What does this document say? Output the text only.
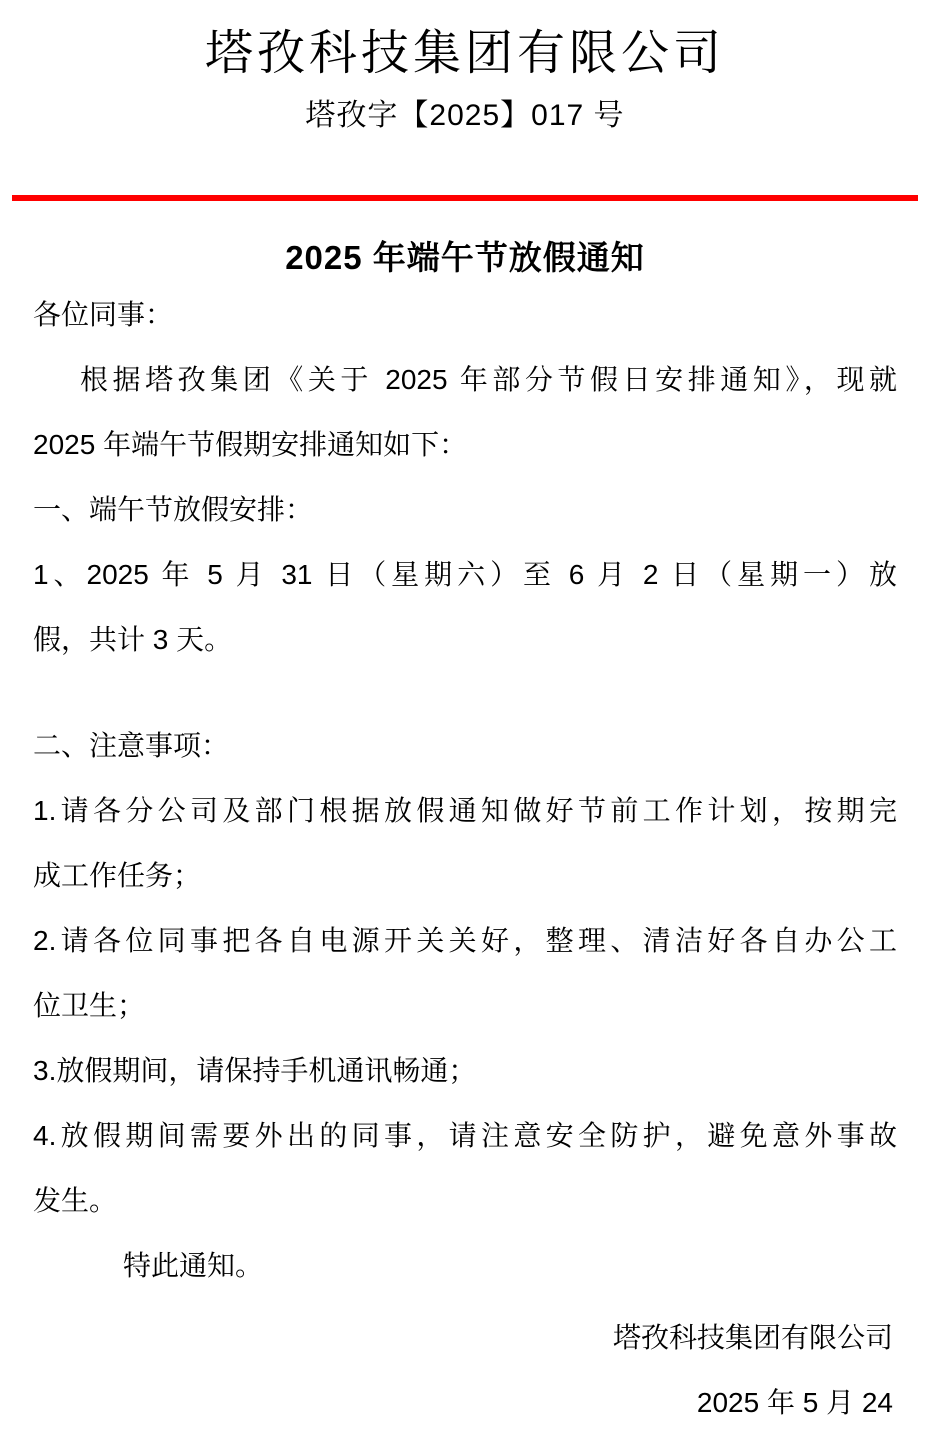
塔孜科技集团有限公司
塔孜字【2025】017 号
2025 年端午节放假通知
各位同事：
根据塔孜集团《关于 2025 年部分节假日安排通知》，现就
2025 年端午节假期安排通知如下：
一、端午节放假安排：
1、2025 年 5 月 31 日（星期六）至 6 月 2 日（星期一）放
假，共计 3 天。
二、注意事项：
1.请各分公司及部门根据放假通知做好节前工作计划，按期完
成工作任务；
2.请各位同事把各自电源开关关好，整理、清洁好各自办公工
位卫生；
3.放假期间，请保持手机通讯畅通；
4.放假期间需要外出的同事，请注意安全防护，避免意外事故
发生。
特此通知。
塔孜科技集团有限公司
2025 年 5 月 24
